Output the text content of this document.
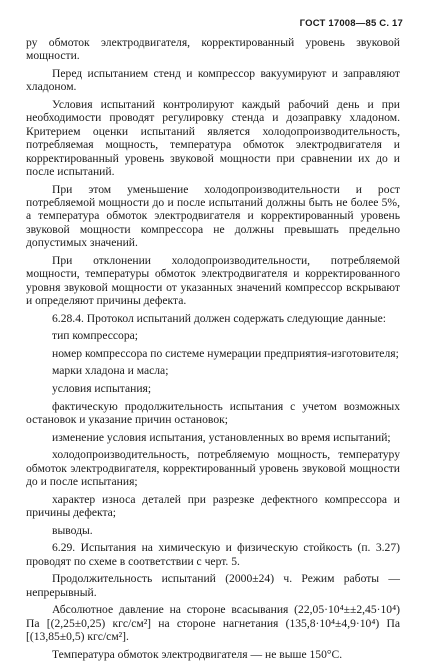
ГОСТ 17008—85 С. 17

ру обмоток электродвигателя, корректированный уровень звуковой мощности.

Перед испытанием стенд и компрессор вакуумируют и заправляют хладоном.

Условия испытаний контролируют каждый рабочий день и при необходимости проводят регулировку стенда и дозаправку хладоном. Критерием оценки испытаний является холодопроизводительность, потребляемая мощность, температура обмоток электродвигателя и корректированный уровень звуковой мощности при сравнении их до и после испытаний.

При этом уменьшение холодопроизводительности и рост потребляемой мощности до и после испытаний должны быть не более 5%, а температура обмоток электродвигателя и корректированный уровень звуковой мощности компрессора не должны превышать предельно допустимых значений.

При отклонении холодопроизводительности, потребляемой мощности, температуры обмоток электродвигателя и корректированного уровня звуковой мощности от указанных значений компрессор вскрывают и определяют причины дефекта.

6.28.4. Протокол испытаний должен содержать следующие данные:

тип компрессора;

номер компрессора по системе нумерации предприятия-изготовителя;

марки хладона и масла;

условия испытания;

фактическую продолжительность испытания с учетом возможных остановок и указание причин остановок;

изменение условия испытания, установленных во время испытаний;

холодопроизводительность, потребляемую мощность, температуру обмоток электродвигателя, корректированный уровень звуковой мощности до и после испытания;

характер износа деталей при разрезке дефектного компрессора и причины дефекта;

выводы.

6.29. Испытания на химическую и физическую стойкость (п. 3.27) проводят по схеме в соответствии с черт. 5.

Продолжительность испытаний (2000±24) ч. Режим работы — непрерывный.

Абсолютное давление на стороне всасывания (22,05·10⁴±±2,45·10⁴) Па [(2,25±0,25) кгс/см²] на стороне нагнетания (135,8·10⁴±4,9·10⁴) Па [(13,85±0,5) кгс/см²].

Температура обмоток электродвигателя — не выше 150°С.
